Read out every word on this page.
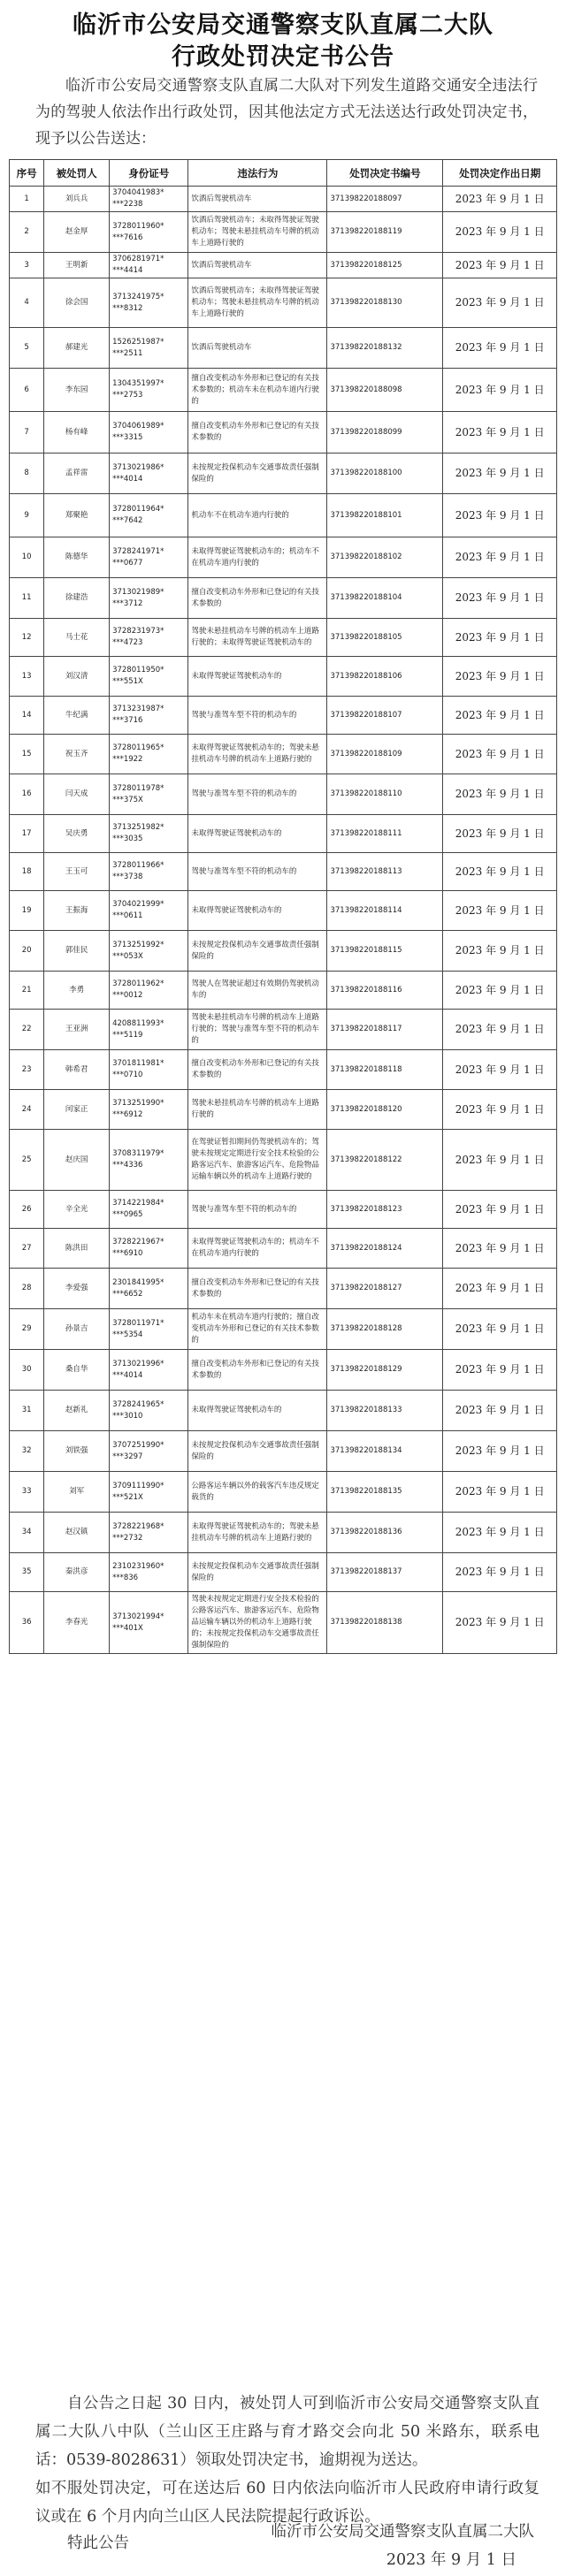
临沂市公安局交通警察支队直属二大队
行政处罚决定书公告
临沂市公安局交通警察支队直属二大队对下列发生道路交通安全违法行为的驾驶人依法作出行政处罚，因其他法定方式无法送达行政处罚决定书，现予以公告送达：
序号	被处罚人	身份证号	违法行为	处罚决定书编号	处罚决定作出日期
1	刘兵兵	3704041983*
***2238	饮酒后驾驶机动车	371398220188097	2023 年 9 月 1 日
2	赵金厚	3728011960*
***7616	饮酒后驾驶机动车；未取得驾驶证驾驶机动车；驾驶未悬挂机动车号牌的机动车上道路行驶的	371398220188119	2023 年 9 月 1 日
3	王明新	3706281971*
***4414	饮酒后驾驶机动车	371398220188125	2023 年 9 月 1 日
4	徐会国	3713241975*
***8312	饮酒后驾驶机动车；未取得驾驶证驾驶机动车；驾驶未悬挂机动车号牌的机动车上道路行驶的	371398220188130	2023 年 9 月 1 日
5	郝建光	1526251987*
***2511	饮酒后驾驶机动车	371398220188132	2023 年 9 月 1 日
6	李东园	1304351997*
***2753	擅自改变机动车外形和已登记的有关技术参数的；机动车未在机动车道内行驶的	371398220188098	2023 年 9 月 1 日
7	杨有峰	3704061989*
***3315	擅自改变机动车外形和已登记的有关技术参数的	371398220188099	2023 年 9 月 1 日
8	孟祥雷	3713021986*
***4014	未按规定投保机动车交通事故责任强制保险的	371398220188100	2023 年 9 月 1 日
9	郑聚艳	3728011964*
***7642	机动车不在机动车道内行驶的	371398220188101	2023 年 9 月 1 日
10	陈德华	3728241971*
***0677	未取得驾驶证驾驶机动车的；机动车不在机动车道内行驶的	371398220188102	2023 年 9 月 1 日
11	徐建浩	3713021989*
***3712	擅自改变机动车外形和已登记的有关技术参数的	371398220188104	2023 年 9 月 1 日
12	马士花	3728231973*
***4723	驾驶未悬挂机动车号牌的机动车上道路行驶的；未取得驾驶证驾驶机动车的	371398220188105	2023 年 9 月 1 日
13	刘汉清	3728011950*
***551X	未取得驾驶证驾驶机动车的	371398220188106	2023 年 9 月 1 日
14	牛纪满	3713231987*
***3716	驾驶与准驾车型不符的机动车的	371398220188107	2023 年 9 月 1 日
15	祝玉齐	3728011965*
***1922	未取得驾驶证驾驶机动车的；驾驶未悬挂机动车号牌的机动车上道路行驶的	371398220188109	2023 年 9 月 1 日
16	闫天成	3728011978*
***375X	驾驶与准驾车型不符的机动车的	371398220188110	2023 年 9 月 1 日
17	吴庆勇	3713251982*
***3035	未取得驾驶证驾驶机动车的	371398220188111	2023 年 9 月 1 日
18	王玉可	3728011966*
***3738	驾驶与准驾车型不符的机动车的	371398220188113	2023 年 9 月 1 日
19	王振海	3704021999*
***0611	未取得驾驶证驾驶机动车的	371398220188114	2023 年 9 月 1 日
20	郭佳民	3713251992*
***053X	未按规定投保机动车交通事故责任强制保险的	371398220188115	2023 年 9 月 1 日
21	李勇	3728011962*
***0012	驾驶人在驾驶证超过有效期仍驾驶机动车的	371398220188116	2023 年 9 月 1 日
22	王亚洲	4208811993*
***5119	驾驶未悬挂机动车号牌的机动车上道路行驶的；驾驶与准驾车型不符的机动车的	371398220188117	2023 年 9 月 1 日
23	韩希君	3701811981*
***0710	擅自改变机动车外形和已登记的有关技术参数的	371398220188118	2023 年 9 月 1 日
24	闰家正	3713251990*
***6912	驾驶未悬挂机动车号牌的机动车上道路行驶的	371398220188120	2023 年 9 月 1 日
25	赵庆国	3708311979*
***4336	在驾驶证暂扣期间仍驾驶机动车的；驾驶未按规定定期进行安全技术检验的公路客运汽车、旅游客运汽车、危险物品运输车辆以外的机动车上道路行驶的	371398220188122	2023 年 9 月 1 日
26	辛全光	3714221984*
***0965	驾驶与准驾车型不符的机动车的	371398220188123	2023 年 9 月 1 日
27	陈洪田	3728221967*
***6910	未取得驾驶证驾驶机动车的；机动车不在机动车道内行驶的	371398220188124	2023 年 9 月 1 日
28	李爱强	2301841995*
***6652	擅自改变机动车外形和已登记的有关技术参数的	371398220188127	2023 年 9 月 1 日
29	孙景吉	3728011971*
***5354	机动车未在机动车道内行驶的；擅自改变机动车外形和已登记的有关技术参数的	371398220188128	2023 年 9 月 1 日
30	桑自华	3713021996*
***4014	擅自改变机动车外形和已登记的有关技术参数的	371398220188129	2023 年 9 月 1 日
31	赵新礼	3728241965*
***3010	未取得驾驶证驾驶机动车的	371398220188133	2023 年 9 月 1 日
32	刘铁强	3707251990*
***3297	未按规定投保机动车交通事故责任强制保险的	371398220188134	2023 年 9 月 1 日
33	刘军	3709111990*
***521X	公路客运车辆以外的载客汽车违反规定载货的	371398220188135	2023 年 9 月 1 日
34	赵汉镇	3728221968*
***2732	未取得驾驶证驾驶机动车的；驾驶未悬挂机动车号牌的机动车上道路行驶的	371398220188136	2023 年 9 月 1 日
35	秦洪彦	2310231960*
***836	未按规定投保机动车交通事故责任强制保险的	371398220188137	2023 年 9 月 1 日
36	李春光	3713021994*
***401X	驾驶未按规定定期进行安全技术检验的公路客运汽车、旅游客运汽车、危险物品运输车辆以外的机动车上道路行驶的；未按规定投保机动车交通事故责任强制保险的	371398220188138	2023 年 9 月 1 日
自公告之日起 30 日内，被处罚人可到临沂市公安局交通警察支队直属二大队八中队（兰山区王庄路与育才路交会向北 50 米路东，联系电话：0539-8028631）领取处罚决定书，逾期视为送达。
如不服处罚决定，可在送达后 60 日内依法向临沂市人民政府申请行政复议或在 6 个月内向兰山区人民法院提起行政诉讼。
特此公告
临沂市公安局交通警察支队直属二大队
2023 年 9 月 1 日
